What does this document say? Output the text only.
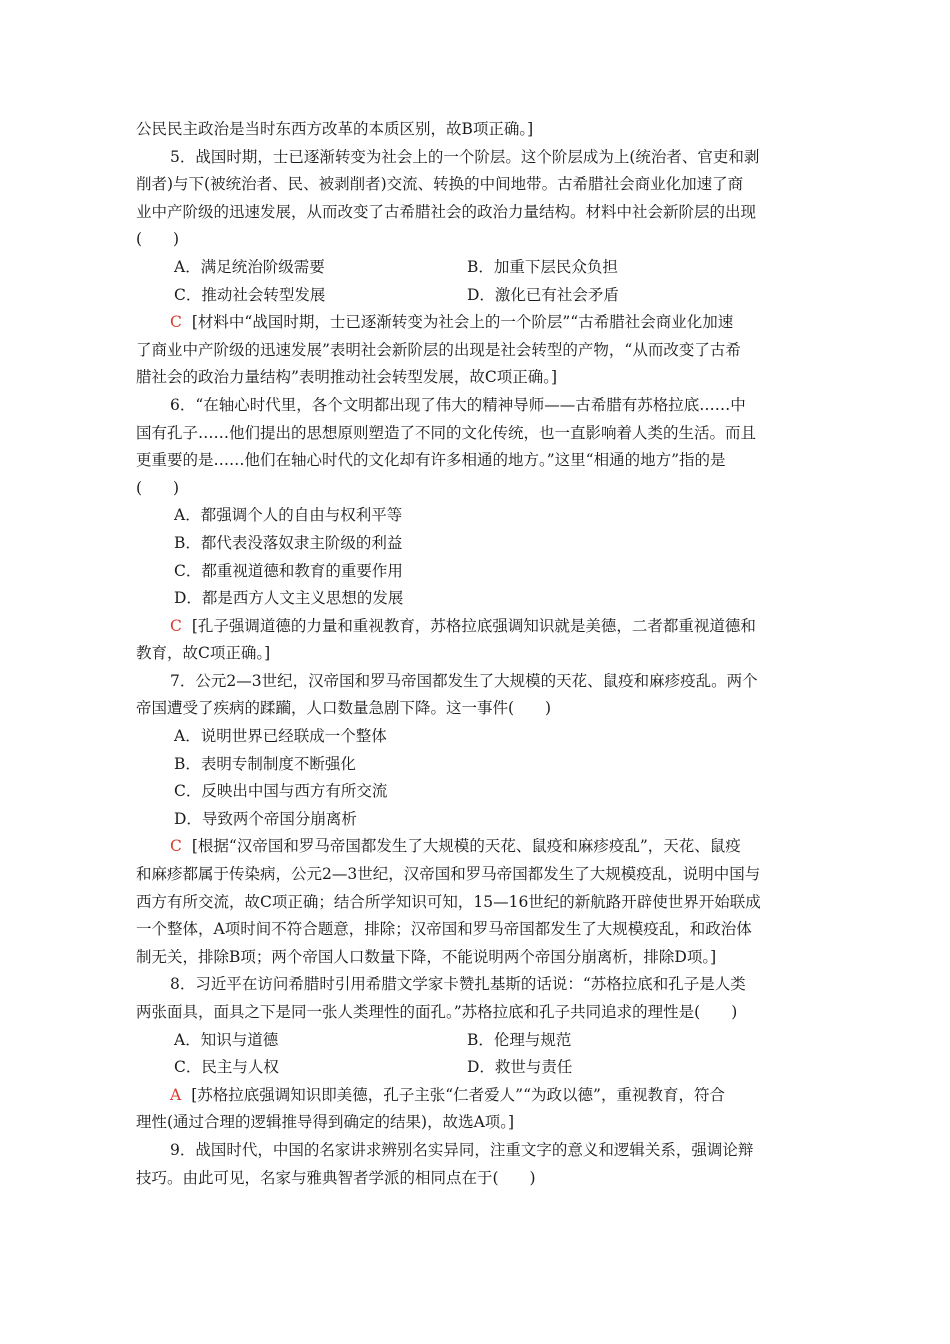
公民民主政治是当时东西方改革的本质区别，故B项正确。]
5．战国时期，士已逐渐转变为社会上的一个阶层。这个阶层成为上(统治者、官吏和剥
削者)与下(被统治者、民、被剥削者)交流、转换的中间地带。古希腊社会商业化加速了商
业中产阶级的迅速发展，从而改变了古希腊社会的政治力量结构。材料中社会新阶层的出现
(　　)
A．满足统治阶级需要	B．加重下层民众负担
C．推动社会转型发展	D．激化已有社会矛盾
C [材料中“战国时期，士已逐渐转变为社会上的一个阶层”“古希腊社会商业化加速
了商业中产阶级的迅速发展”表明社会新阶层的出现是社会转型的产物，“从而改变了古希
腊社会的政治力量结构”表明推动社会转型发展，故C项正确。]
6．“在轴心时代里，各个文明都出现了伟大的精神导师——古希腊有苏格拉底……中
国有孔子……他们提出的思想原则塑造了不同的文化传统，也一直影响着人类的生活。而且
更重要的是……他们在轴心时代的文化却有许多相通的地方。”这里“相通的地方”指的是
(　　)
A．都强调个人的自由与权利平等
B．都代表没落奴隶主阶级的利益
C．都重视道德和教育的重要作用
D．都是西方人文主义思想的发展
C [孔子强调道德的力量和重视教育，苏格拉底强调知识就是美德，二者都重视道德和
教育，故C项正确。]
7．公元2—3世纪，汉帝国和罗马帝国都发生了大规模的天花、鼠疫和麻疹疫乱。两个
帝国遭受了疾病的蹂躏，人口数量急剧下降。这一事件(　　)
A．说明世界已经联成一个整体
B．表明专制制度不断强化
C．反映出中国与西方有所交流
D．导致两个帝国分崩离析
C [根据“汉帝国和罗马帝国都发生了大规模的天花、鼠疫和麻疹疫乱”，天花、鼠疫
和麻疹都属于传染病，公元2—3世纪，汉帝国和罗马帝国都发生了大规模疫乱，说明中国与
西方有所交流，故C项正确；结合所学知识可知，15—16世纪的新航路开辟使世界开始联成
一个整体，A项时间不符合题意，排除；汉帝国和罗马帝国都发生了大规模疫乱，和政治体
制无关，排除B项；两个帝国人口数量下降，不能说明两个帝国分崩离析，排除D项。]
8．习近平在访问希腊时引用希腊文学家卡赞扎基斯的话说：“苏格拉底和孔子是人类
两张面具，面具之下是同一张人类理性的面孔。”苏格拉底和孔子共同追求的理性是(　　)
A．知识与道德	B．伦理与规范
C．民主与人权	D．救世与责任
A [苏格拉底强调知识即美德，孔子主张“仁者爱人”“为政以德”，重视教育，符合
理性(通过合理的逻辑推导得到确定的结果)，故选A项。]
9．战国时代，中国的名家讲求辨别名实异同，注重文字的意义和逻辑关系，强调论辩
技巧。由此可见，名家与雅典智者学派的相同点在于(　　)
